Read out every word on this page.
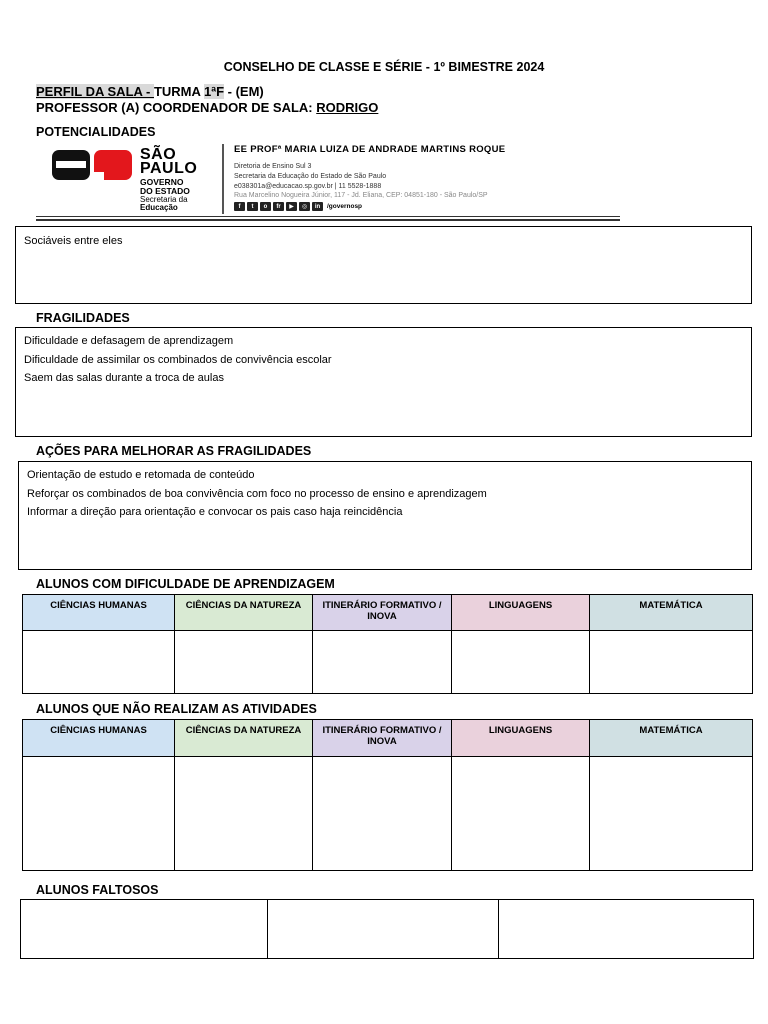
CONSELHO DE CLASSE E SÉRIE - 1º BIMESTRE 2024
PERFIL DA SALA - TURMA 1ªF - (EM)
PROFESSOR (A) COORDENADOR DE SALA: RODRIGO
POTENCIALIDADES
SÃO
PAULO
GOVERNO
DO ESTADO
Secretaria da
Educação
EE PROFª MARIA LUIZA DE ANDRADE MARTINS ROQUE
Diretoria de Ensino Sul 3
Secretaria da Educação do Estado de São Paulo
e038301a@educacao.sp.gov.br | 11 5528-1888
Rua Marcelino Nogueira Júnior, 117 - Jd. Eliana, CEP: 04851-180 - São Paulo/SP
f	t	o	fr	▶	◎	in	/governosp
Sociáveis entre eles
FRAGILIDADES
Dificuldade e defasagem de aprendizagem
Dificuldade de assimilar os combinados de convivência escolar
Saem das salas durante a troca de aulas
AÇÕES PARA MELHORAR AS FRAGILIDADES
Orientação de estudo e retomada de conteúdo
Reforçar os combinados de boa convivência com foco no processo de ensino e aprendizagem
Informar a direção para orientação e convocar os pais caso haja reincidência
ALUNOS COM DIFICULDADE DE APRENDIZAGEM
CIÊNCIAS HUMANAS	CIÊNCIAS DA NATUREZA	ITINERÁRIO FORMATIVO / INOVA	LINGUAGENS	MATEMÁTICA

ALUNOS QUE NÃO REALIZAM AS ATIVIDADES
CIÊNCIAS HUMANAS	CIÊNCIAS DA NATUREZA	ITINERÁRIO FORMATIVO / INOVA	LINGUAGENS	MATEMÁTICA

ALUNOS FALTOSOS
